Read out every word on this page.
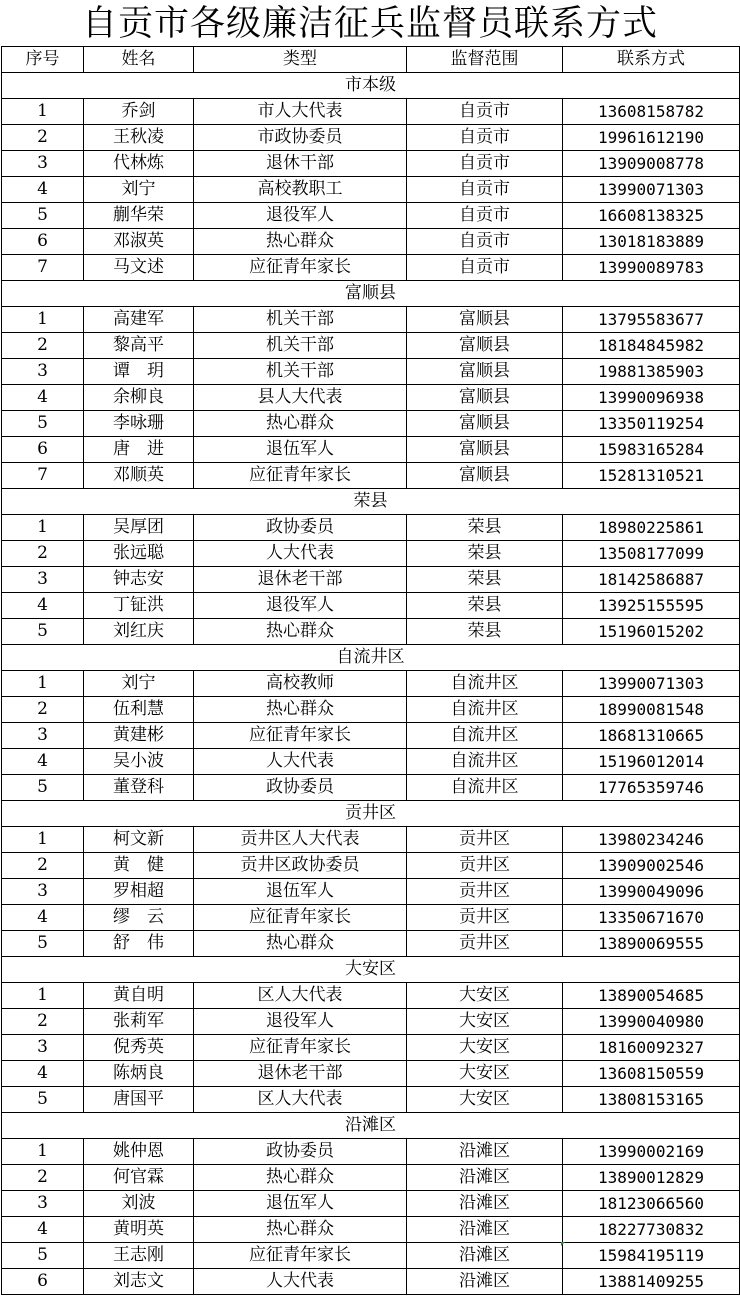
自贡市各级廉洁征兵监督员联系方式
序号	姓名	类型	监督范围	联系方式
市本级				
1	乔剑	市人大代表	自贡市	13608158782
2	王秋凌	市政协委员	自贡市	19961612190
3	代林炼	退休干部	自贡市	13909008778
4	刘宁	高校教职工	自贡市	13990071303
5	蒯华荣	退役军人	自贡市	16608138325
6	邓淑英	热心群众	自贡市	13018183889
7	马文述	应征青年家长	自贡市	13990089783
富顺县				
1	高建军	机关干部	富顺县	13795583677
2	黎高平	机关干部	富顺县	18184845982
3	谭　玥	机关干部	富顺县	19881385903
4	余柳良	县人大代表	富顺县	13990096938
5	李咏珊	热心群众	富顺县	13350119254
6	唐　进	退伍军人	富顺县	15983165284
7	邓顺英	应征青年家长	富顺县	15281310521
荣县				
1	吴厚团	政协委员	荣县	18980225861
2	张远聪	人大代表	荣县	13508177099
3	钟志安	退休老干部	荣县	18142586887
4	丁钲洪	退役军人	荣县	13925155595
5	刘红庆	热心群众	荣县	15196015202
自流井区				
1	刘宁	高校教师	自流井区	13990071303
2	伍利慧	热心群众	自流井区	18990081548
3	黄建彬	应征青年家长	自流井区	18681310665
4	吴小波	人大代表	自流井区	15196012014
5	董登科	政协委员	自流井区	17765359746
贡井区				
1	柯文新	贡井区人大代表	贡井区	13980234246
2	黄　健	贡井区政协委员	贡井区	13909002546
3	罗相超	退伍军人	贡井区	13990049096
4	缪　云	应征青年家长	贡井区	13350671670
5	舒　伟	热心群众	贡井区	13890069555
大安区				
1	黄自明	区人大代表	大安区	13890054685
2	张莉军	退役军人	大安区	13990040980
3	倪秀英	应征青年家长	大安区	18160092327
4	陈炳良	退休老干部	大安区	13608150559
5	唐国平	区人大代表	大安区	13808153165
沿滩区				
1	姚仲恩	政协委员	沿滩区	13990002169
2	何官霖	热心群众	沿滩区	13890012829
3	刘波	退伍军人	沿滩区	18123066560
4	黄明英	热心群众	沿滩区	18227730832
5	王志刚	应征青年家长	沿滩区	15984195119
6	刘志文	人大代表	沿滩区	13881409255
